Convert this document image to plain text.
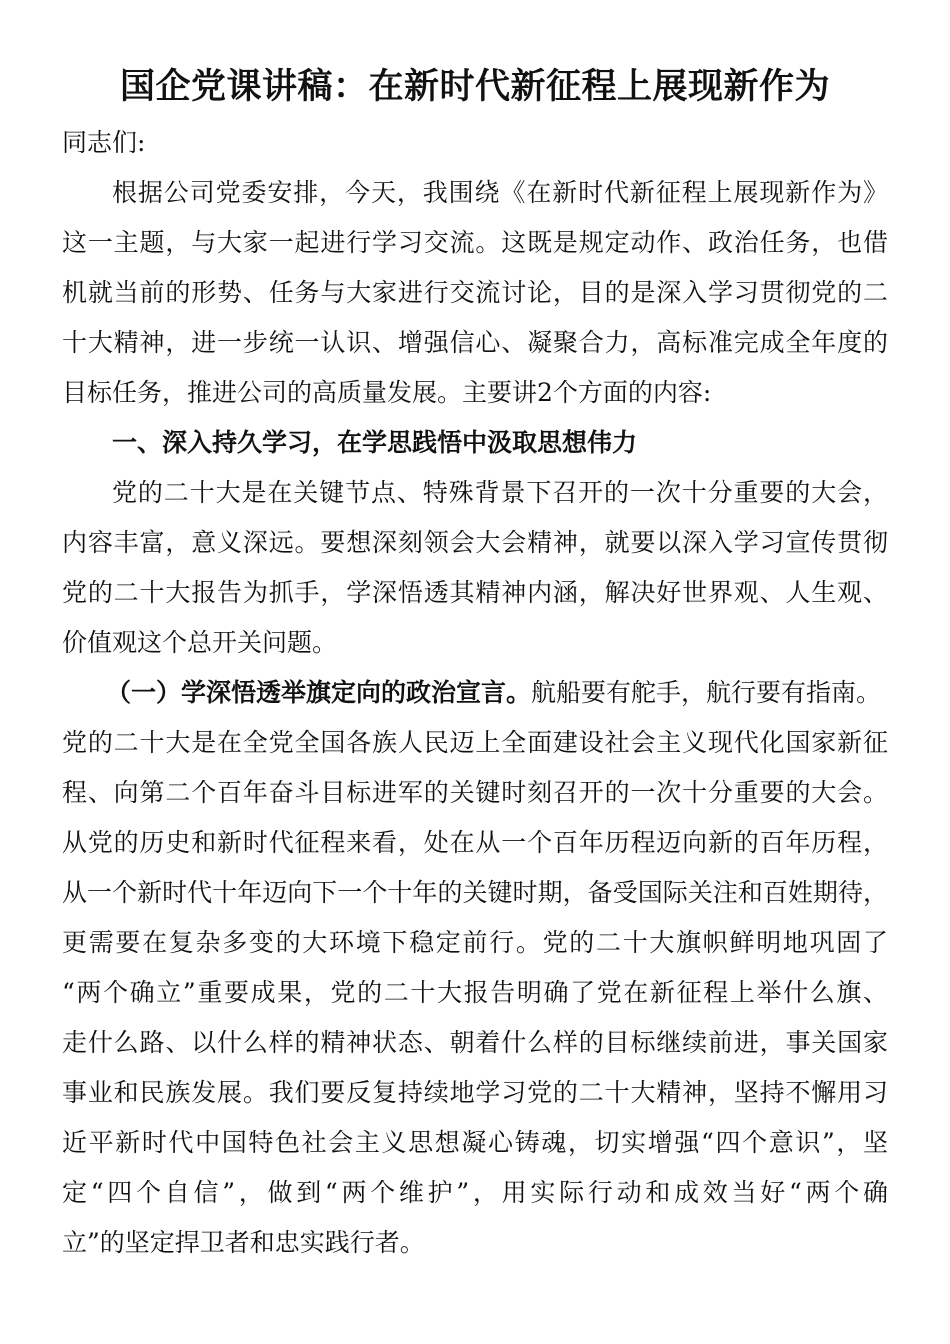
国企党课讲稿：在新时代新征程上展现新作为
同志们:
根据公司党委安排，今天，我围绕《在新时代新征程上展现新作为》
这一主题，与大家一起进行学习交流。这既是规定动作、政治任务，也借
机就当前的形势、任务与大家进行交流讨论，目的是深入学习贯彻党的二
十大精神，进一步统一认识、增强信心、凝聚合力，高标准完成全年度的
目标任务，推进公司的高质量发展。主要讲2个方面的内容:
一、深入持久学习，在学思践悟中汲取思想伟力
党的二十大是在关键节点、特殊背景下召开的一次十分重要的大会，
内容丰富，意义深远。要想深刻领会大会精神，就要以深入学习宣传贯彻
党的二十大报告为抓手，学深悟透其精神内涵，解决好世界观、人生观、
价值观这个总开关问题。
（一）学深悟透举旗定向的政治宣言。航船要有舵手，航行要有指南。
党的二十大是在全党全国各族人民迈上全面建设社会主义现代化国家新征
程、向第二个百年奋斗目标进军的关键时刻召开的一次十分重要的大会。
从党的历史和新时代征程来看，处在从一个百年历程迈向新的百年历程，
从一个新时代十年迈向下一个十年的关键时期，备受国际关注和百姓期待，
更需要在复杂多变的大环境下稳定前行。党的二十大旗帜鲜明地巩固了
“两个确立”重要成果，党的二十大报告明确了党在新征程上举什么旗、
走什么路、以什么样的精神状态、朝着什么样的目标继续前进，事关国家
事业和民族发展。我们要反复持续地学习党的二十大精神，坚持不懈用习
近平新时代中国特色社会主义思想凝心铸魂，切实增强“四个意识”，坚
定“四个自信”，做到“两个维护”，用实际行动和成效当好“两个确
立”的坚定捍卫者和忠实践行者。
